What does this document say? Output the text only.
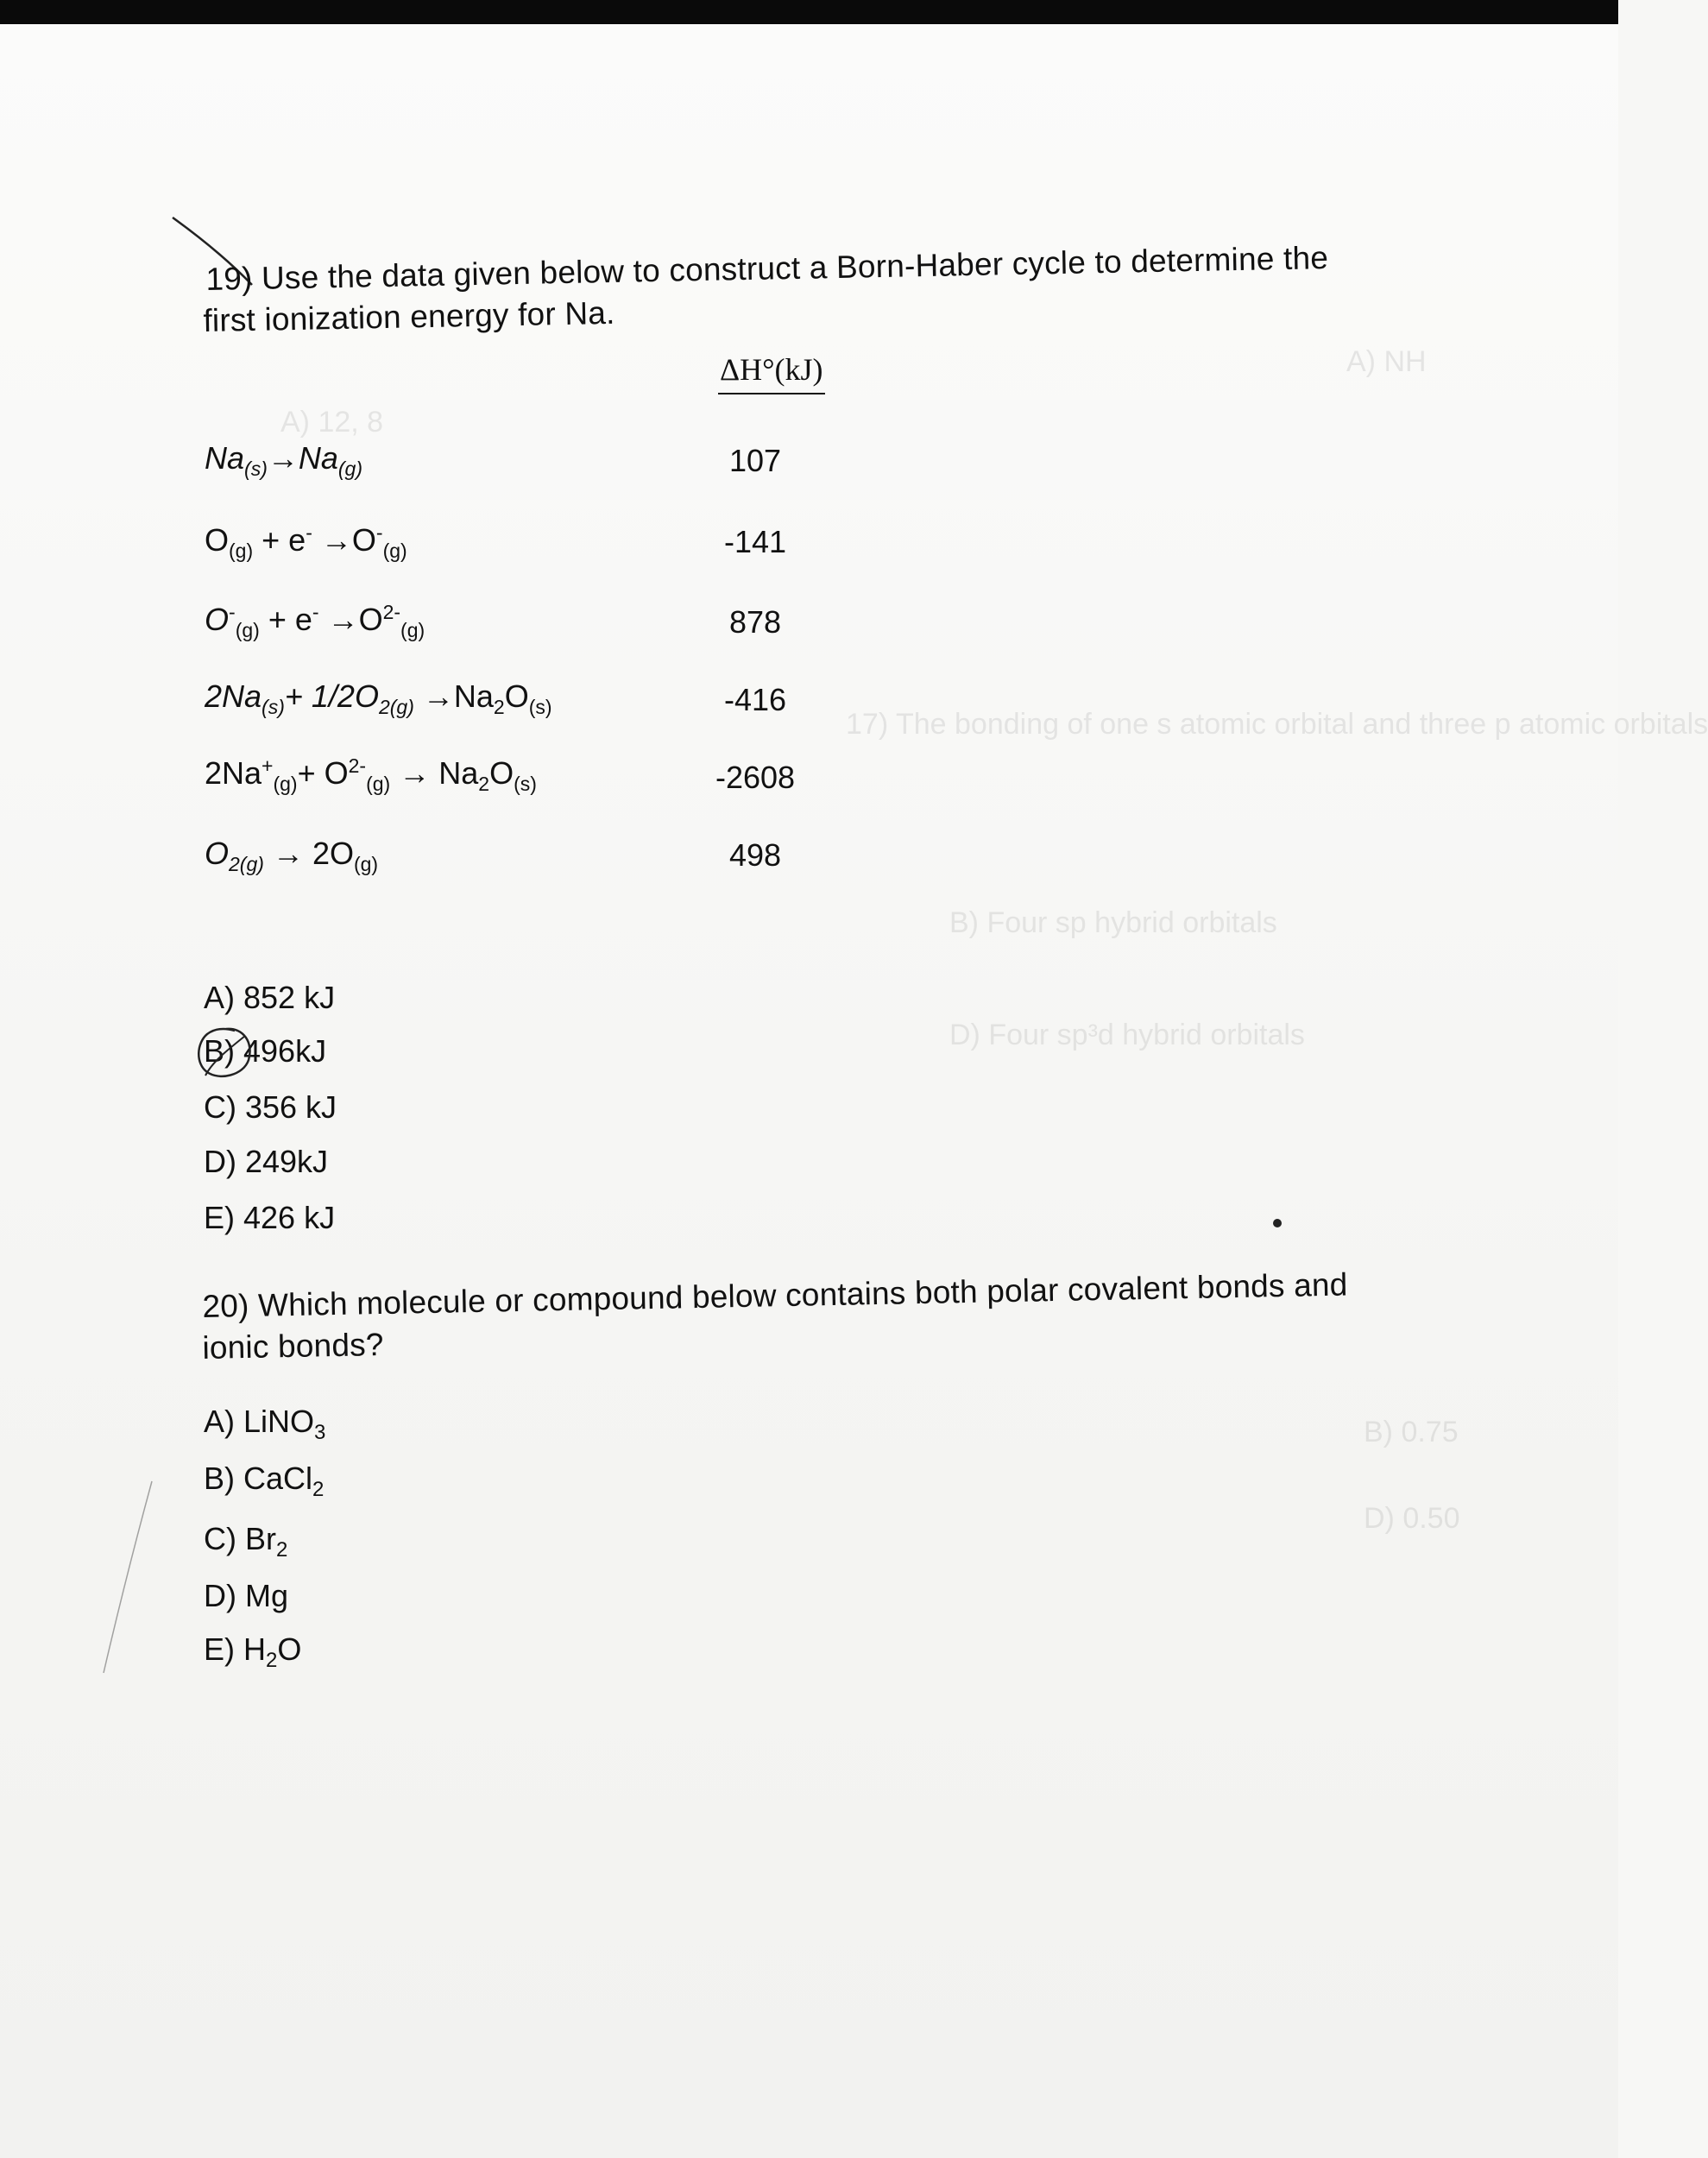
A) 12, 8
17) The bonding of one s atomic orbital and three p atomic orbitals
B) Four sp hybrid orbitals
D) Four sp³d hybrid orbitals
A) NH
B) 0.75
D) 0.50
19) Use the data given below to construct a Born-Haber cycle to determine the
first ionization energy for Na.
ΔH°(kJ)
$Na_{(s)}\to Na_{(g)}$	107
$O_{(g)} + e^- \to O^-_{(g)}$	-141
$O^-_{(g)} + e^- \to O^{2-}_{(g)}$	878
$2Na_{(s)}+ 1/2O_{2(g)} \to Na_2O_{(s)}$	-416
$2Na^+_{(g)}+ O^{2-}_{(g)} \to Na_2O_{(s)}$	-2608
$O_{2(g)} \to 2O_{(g)}$	498
A) 852 kJ
B) 496kJ
C) 356 kJ
D) 249kJ
E) 426 kJ
20) Which molecule or compound below contains both polar covalent bonds and
ionic bonds?
A) LiNO$_3$
B) CaCl$_2$
C) $Br_2$
D) Mg
E) $H_2O$
